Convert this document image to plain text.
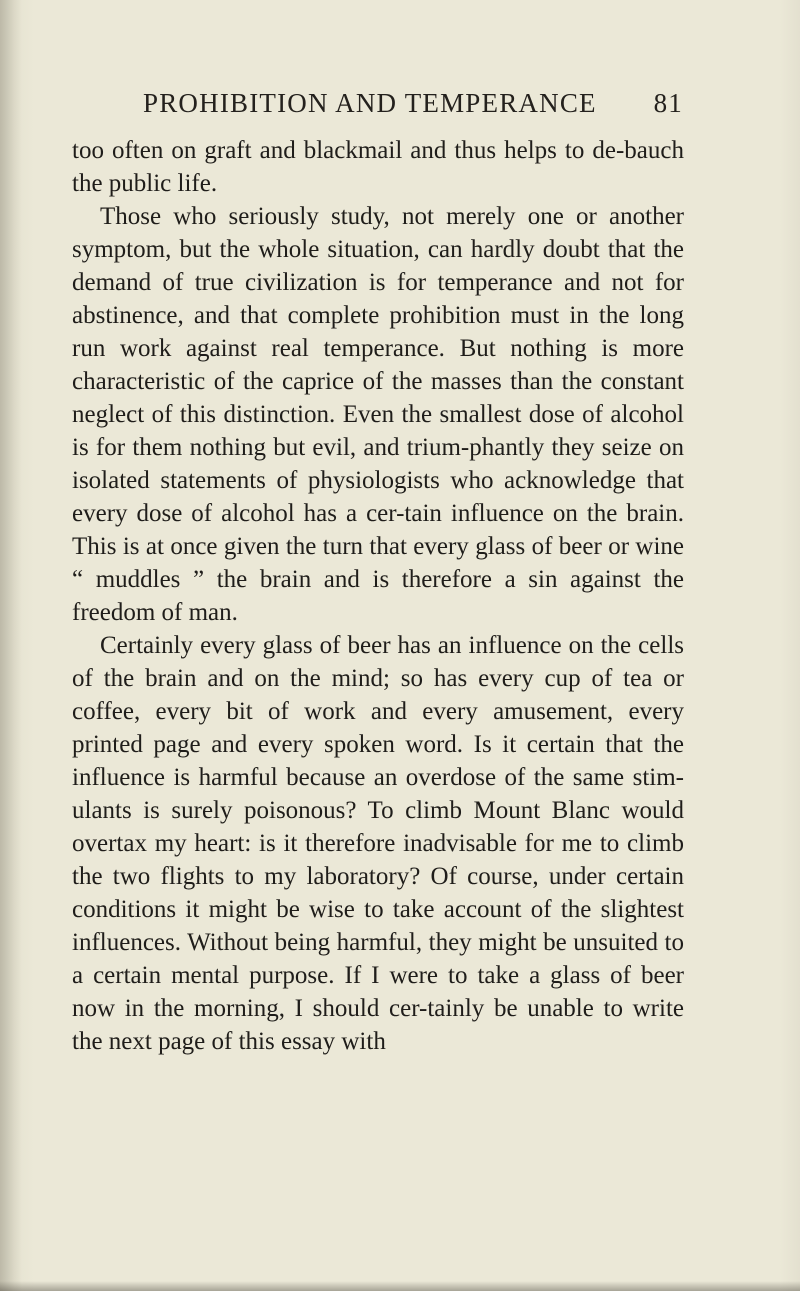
PROHIBITION AND TEMPERANCE 81

too often on graft and blackmail and thus helps to de-bauch the public life.

Those who seriously study, not merely one or another symptom, but the whole situation, can hardly doubt that the demand of true civilization is for temperance and not for abstinence, and that complete prohibition must in the long run work against real temperance. But nothing is more characteristic of the caprice of the masses than the constant neglect of this distinction. Even the smallest dose of alcohol is for them nothing but evil, and trium-phantly they seize on isolated statements of physiologists who acknowledge that every dose of alcohol has a cer-tain influence on the brain. This is at once given the turn that every glass of beer or wine “ muddles ” the brain and is therefore a sin against the freedom of man.

Certainly every glass of beer has an influence on the cells of the brain and on the mind; so has every cup of tea or coffee, every bit of work and every amusement, every printed page and every spoken word. Is it certain that the influence is harmful because an overdose of the same stim-ulants is surely poisonous? To climb Mount Blanc would overtax my heart: is it therefore inadvisable for me to climb the two flights to my laboratory? Of course, under certain conditions it might be wise to take account of the slightest influences. Without being harmful, they might be unsuited to a certain mental purpose. If I were to take a glass of beer now in the morning, I should cer-tainly be unable to write the next page of this essay with
